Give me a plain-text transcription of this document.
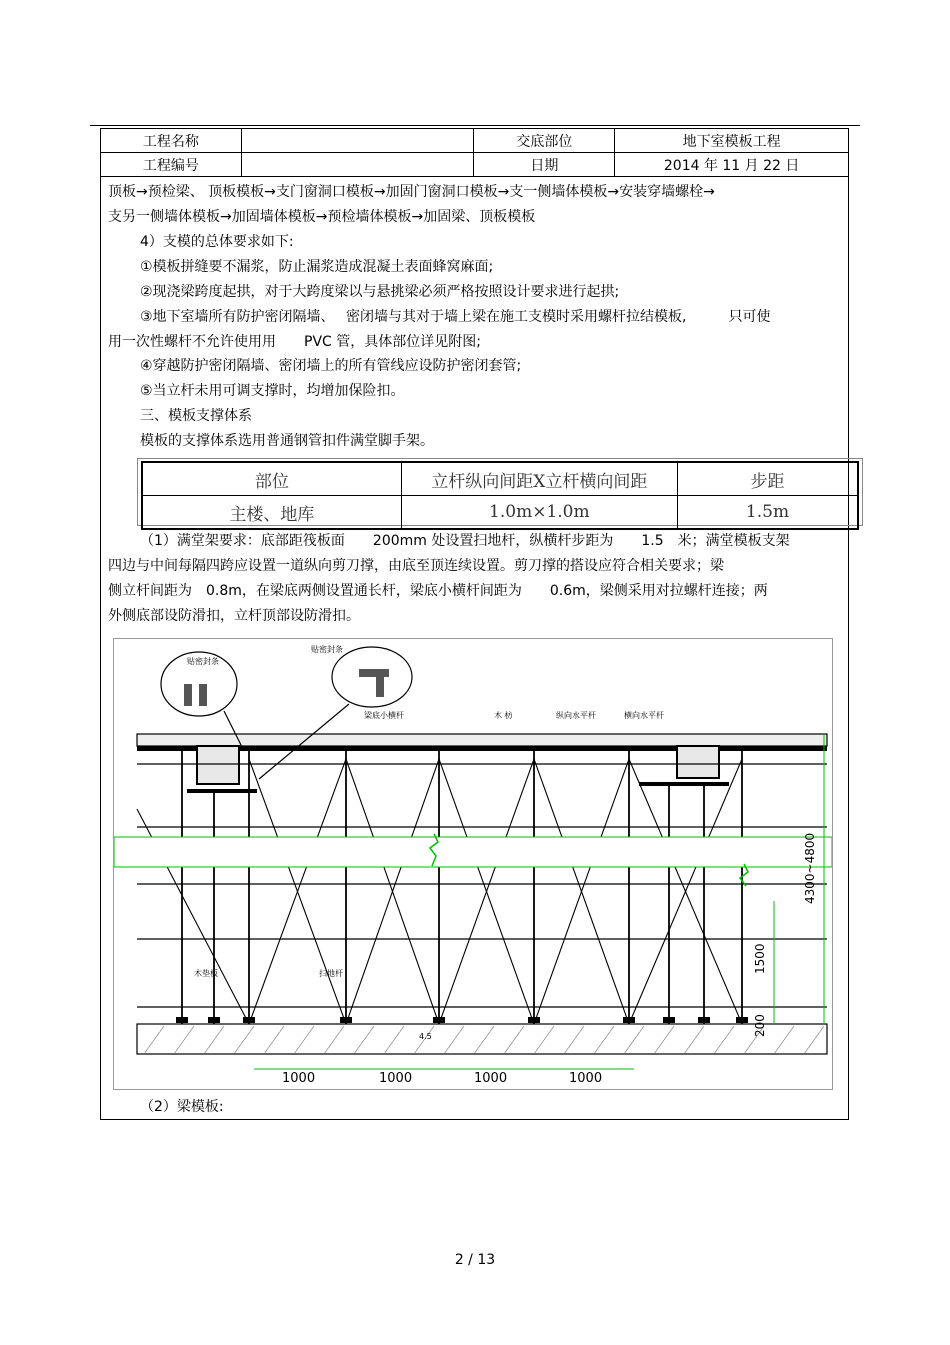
工程名称		交底部位	地下室模板工程
工程编号		日期	2014 年 11 月 22 日
顶板→预检梁、 顶板模板→支门窗洞口模板→加固门窗洞口模板→支一侧墙体模板→安装穿墙螺栓→
支另一侧墙体模板→加固墙体模板→预检墙体模板→加固梁、顶板模板
4）支模的总体要求如下:
①模板拼缝要不漏浆，防止漏浆造成混凝土表面蜂窝麻面;
②现浇梁跨度起拱，对于大跨度梁以与悬挑梁必须严格按照设计要求进行起拱;
③地下室墙所有防护密闭隔墙、　 密闭墙与其对于墙上梁在施工支模时采用螺杆拉结模板,　　　只可使
用一次性螺杆不允许使用用　　PVC 管，具体部位详见附图;
④穿越防护密闭隔墙、密闭墙上的所有管线应设防护密闭套管;
⑤当立杆未用可调支撑时，均增加保险扣。
三、模板支撑体系
模板的支撑体系选用普通钢管扣件满堂脚手架。
部位	立杆纵向间距X立杆横向间距	步距
主楼、地库	1.0m×1.0m	1.5m
（1）满堂架要求：底部距筏板面　　200mm 处设置扫地杆，纵横杆步距为　　1.5　米；满堂模板支架
四边与中间每隔四跨应设置一道纵向剪刀撑，由底至顶连续设置。剪刀撑的搭设应符合相关要求；梁
侧立杆间距为　0.8m，在梁底两侧设置通长杆，梁底小横杆间距为　　0.6m，梁侧采用对拉螺杆连接；两
外侧底部设防滑扣，立杆顶部设防滑扣。
1000	1000	1000	1000
4300~4800
1500
200
贴密封条
贴密封条
梁底小横杆	木 枋	纵向水平杆	横向水平杆
木垫板	扫地杆
4.5
（2）梁模板:
2 / 13
